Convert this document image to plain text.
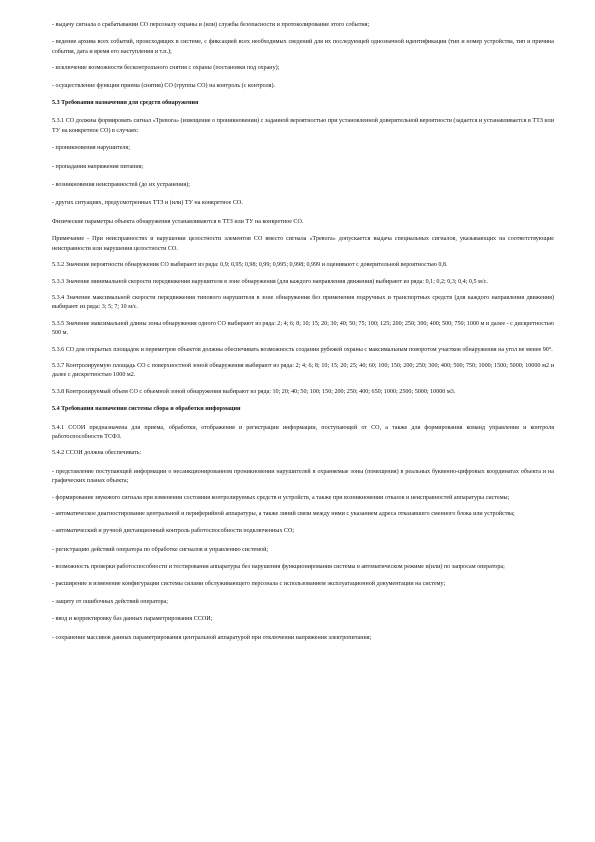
- выдачу сигнала о срабатывании СО персоналу охраны и (или) службы безопасности и протоколирование этого события;

- ведение архива всех событий, происходящих в системе, с фиксацией всех необходимых сведений для их последующей однозначной идентификации (тип и номер устройства, тип и причина события, дата и время его наступления и т.п.);

- исключение возможности бесконтрольного снятия с охраны (постановки под охрану);

- осуществление функции приема (снятия) СО (группы СО) на контроль (с контроля).

5.3 Требования назначения для средств обнаружения

5.3.1 СО должны формировать сигнал «Тревога» (извещение о проникновении) с заданной вероятностью при установленной доверительной вероятности (задается и устанавливается в ТТЗ или ТУ на конкретное СО) в случаях:

- проникновения нарушителя;

- пропадания напряжения питания;

- возникновения неисправностей (до их устранения);

- других ситуациях, предусмотренных ТТЗ и (или) ТУ на конкретное СО.

Физические параметры объекта обнаружения устанавливаются в ТТЗ или ТУ на конкретное СО.

Примечание - При неисправностях и нарушении целостности элементов СО вместо сигнала «Тревога» допускается выдача специальных сигналов, указывающих на соответствующие неисправности или нарушения целостности СО.

5.3.2 Значение вероятности обнаружения СО выбирают из ряда: 0,9; 0,95; 0,98; 0,99; 0,995; 0,998; 0,999 и оценивают с доверительной вероятностью 0,8.

5.3.3 Значение минимальной скорости передвижения нарушителя в зоне обнаружения (для каждого направления движения) выбирают из ряда: 0,1; 0,2; 0,3; 0,4; 0,5 м/с.

5.3.4 Значение максимальной скорости передвижения типового нарушителя в зоне обнаружения без применения подручных и транспортных средств (для каждого направления движения) выбирают из ряда: 3; 5; 7; 10 м/с.

5.3.5 Значение максимальной длины зоны обнаружения одного СО выбирают из ряда: 2; 4; 6; 8; 10; 15; 20; 30; 40; 50; 75; 100; 125; 200; 250; 300; 400; 500; 750; 1000 м и далее - с дискретностью 500 м.

5.3.6 СО для открытых площадок и периметров объектов должны обеспечивать возможность создания рубежей охраны с максимальным поворотом участков обнаружения на угол не менее 90°.

5.3.7 Контролируемую площадь СО с поверхностной зоной обнаружения выбирают из ряда: 2; 4; 6; 8; 10; 15; 20; 25; 40; 60; 100; 150; 200; 250; 300; 400; 500; 750; 1000; 1500; 5000; 10000 м2 и далее с дискретностью 1000 м2.

5.3.8 Контролируемый объем СО с объемной зоной обнаружения выбирают из ряда: 10; 20; 40; 50; 100; 150; 200; 250; 400; 650; 1000; 2500; 5000; 10000 м3.

5.4 Требования назначения системы сбора и обработки информации

5.4.1 ССОИ предназначена для приема, обработки, отображения и регистрации информации, поступающей от СО, а также для формирования команд управления и контроля работоспособности ТСФЗ.

5.4.2 ССОИ должна обеспечивать:

- представление поступающей информации о несанкционированном проникновении нарушителей в охраняемые зоны (помещения) в реальных буквенно-цифровых координатах объекта и на графических планах объекта;

- формирование звукового сигнала при изменении состояния контролируемых средств и устройств, а также при возникновении отказов и неисправностей аппаратуры системы;

- автоматическое диагностирование центральной и периферийной аппаратуры, а также линий связи между ними с указанием адреса отказавшего сменного блока или устройства;

- автоматический и ручной дистанционный контроль работоспособности подключенных СО;

- регистрацию действий оператора по обработке сигналов и управлению системой;

- возможность проверки работоспособности и тестирования аппаратуры без нарушения функционирования системы в автоматическом режиме и(или) по запросам оператора;

- расширение и изменение конфигурации системы силами обслуживающего персонала с использованием эксплуатационной документации на систему;

- защиту от ошибочных действий оператора;

- ввод и корректировку баз данных параметрирования ССОИ;

- сохранение массивов данных параметрирования центральной аппаратурой при отключении напряжения электропитания;
